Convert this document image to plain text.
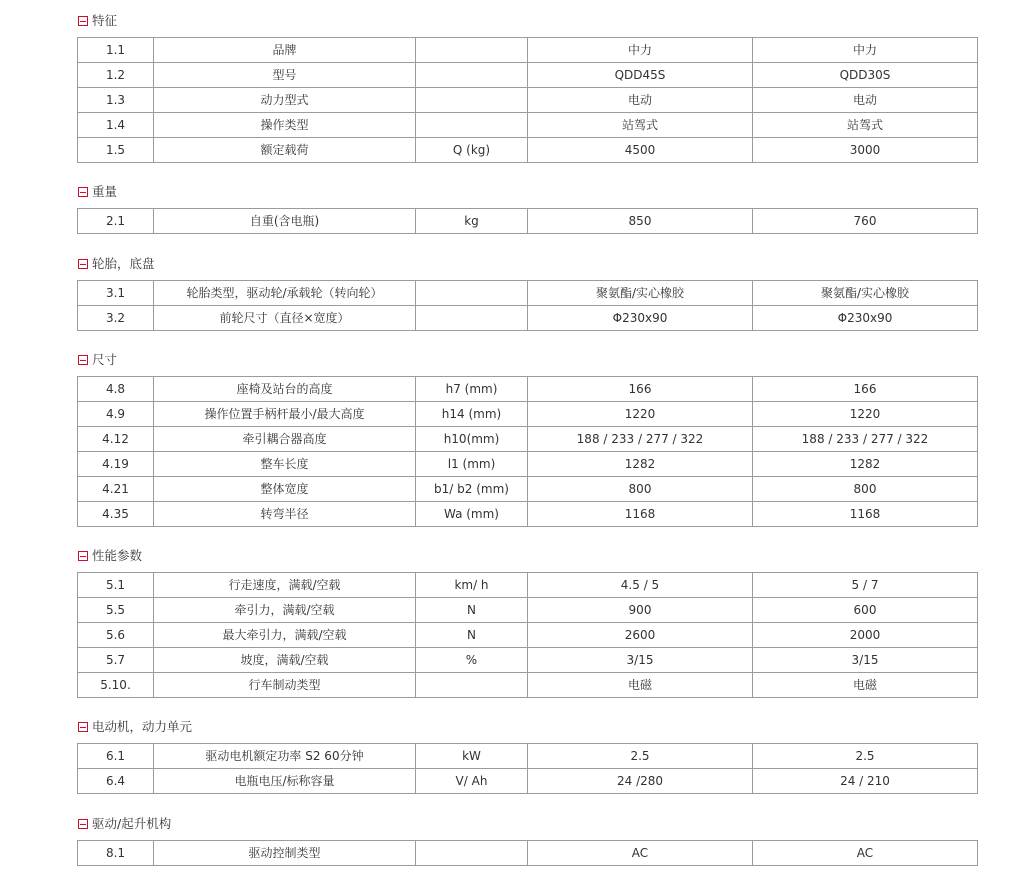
特征
1.1	品牌		中力	中力
1.2	型号		QDD45S	QDD30S
1.3	动力型式		电动	电动
1.4	操作类型		站驾式	站驾式
1.5	额定载荷	Q (kg)	4500	3000
重量
2.1	自重(含电瓶)	kg	850	760
轮胎，底盘
3.1	轮胎类型，驱动轮/承载轮（转向轮）		聚氨酯/实心橡胶	聚氨酯/实心橡胶
3.2	前轮尺寸（直径×宽度）		Φ230x90	Φ230x90
尺寸
4.8	座椅及站台的高度	h7 (mm)	166	166
4.9	操作位置手柄杆最小/最大高度	h14 (mm)	1220	1220
4.12	牵引耦合器高度	h10(mm)	188 / 233 / 277 / 322	188 / 233 / 277 / 322
4.19	整车长度	l1 (mm)	1282	1282
4.21	整体宽度	b1/ b2 (mm)	800	800
4.35	转弯半径	Wa (mm)	1168	1168
性能参数
5.1	行走速度，满载/空载	km/ h	4.5 / 5	5 / 7
5.5	牵引力，满载/空载	N	900	600
5.6	最大牵引力，满载/空载	N	2600	2000
5.7	坡度，满载/空载	%	3/15	3/15
5.10.	行车制动类型		电磁	电磁
电动机，动力单元
6.1	驱动电机额定功率 S2 60分钟	kW	2.5	2.5
6.4	电瓶电压/标称容量	V/ Ah	24 /280	24 / 210
驱动/起升机构
8.1	驱动控制类型		AC	AC
